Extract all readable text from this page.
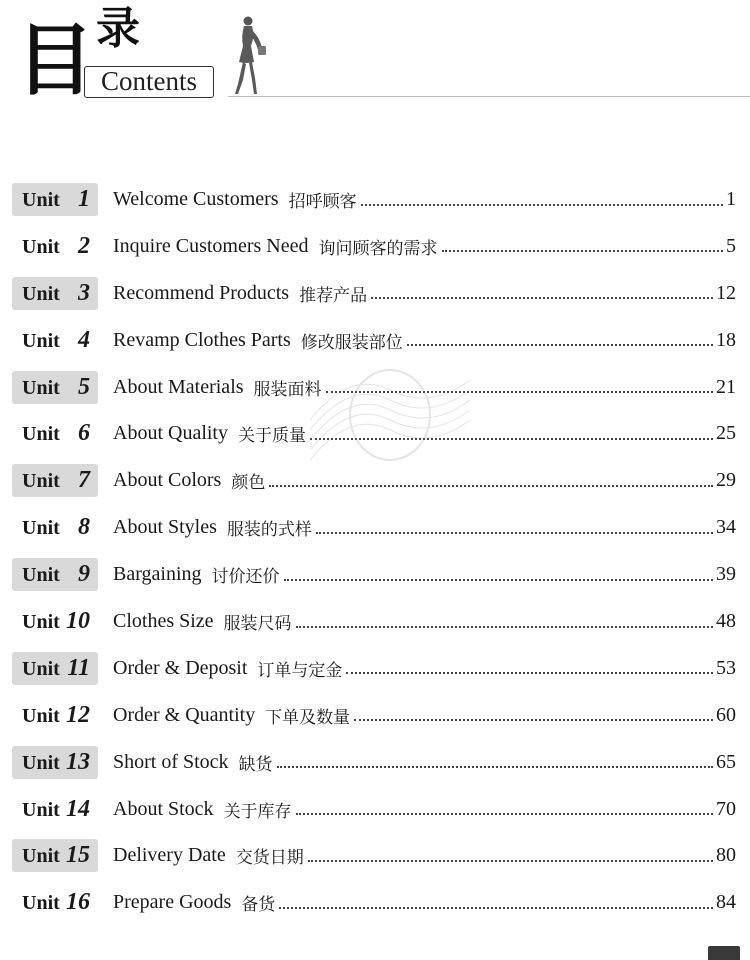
目 录
Contents
Unit 1 Welcome Customers 招呼顾客	1
Unit 2 Inquire Customers Need 询问顾客的需求	5
Unit 3 Recommend Products 推荐产品	12
Unit 4 Revamp Clothes Parts 修改服装部位	18
Unit 5 About Materials 服装面料	21
Unit 6 About Quality 关于质量	25
Unit 7 About Colors 颜色	29
Unit 8 About Styles 服装的式样	34
Unit 9 Bargaining 讨价还价	39
Unit 10 Clothes Size 服装尺码	48
Unit 11 Order & Deposit 订单与定金	53
Unit 12 Order & Quantity 下单及数量	60
Unit 13 Short of Stock 缺货	65
Unit 14 About Stock 关于库存	70
Unit 15 Delivery Date 交货日期	80
Unit 16 Prepare Goods 备货	84
